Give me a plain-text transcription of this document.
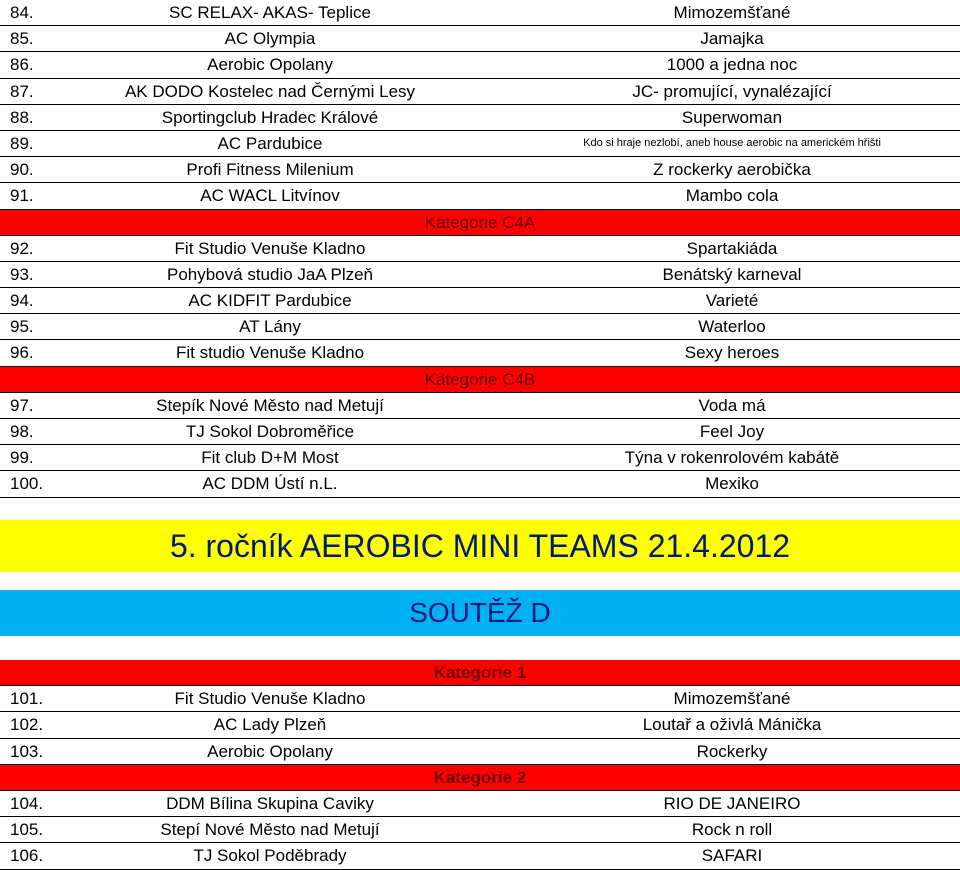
84.	SC RELAX- AKAS- Teplice	Mimozemšťané
85.	AC Olympia	Jamajka
86.	Aerobic Opolany	1000 a jedna noc
87.	AK DODO Kostelec nad Černými Lesy	JC- promující, vynalézající
88.	Sportingclub Hradec Králové	Superwoman
89.	AC Pardubice	Kdo si hraje nezlobí, aneb house aerobic na americkém hřišti
90.	Profi Fitness Milenium	Z rockerky aerobička
91.	AC WACL Litvínov	Mambo cola
Kategorie C4A
92.	Fit Studio Venuše Kladno	Spartakiáda
93.	Pohybová studio JaA Plzeň	Benátský karneval
94.	AC KIDFIT Pardubice	Varieté
95.	AT Lány	Waterloo
96.	Fit studio Venuše Kladno	Sexy heroes
Kategorie C4B
97.	Stepík Nové Město nad Metují	Voda má
98.	TJ Sokol Dobroměřice	Feel Joy
99.	Fit club D+M Most	Týna v rokenrolovém kabátě
100.	AC DDM Ústí n.L.	Mexiko
5. ročník AEROBIC MINI TEAMS 21.4.2012
SOUTĚŽ D
Kategorie 1
101.	Fit Studio Venuše Kladno	Mimozemšťané
102.	AC Lady Plzeň	Loutař a oživlá Mánička
103.	Aerobic Opolany	Rockerky
Kategorie 2
104.	DDM Bílina Skupina Caviky	RIO DE JANEIRO
105.	Stepí Nové Město nad Metují	Rock n roll
106.	TJ Sokol Poděbrady	SAFARI
